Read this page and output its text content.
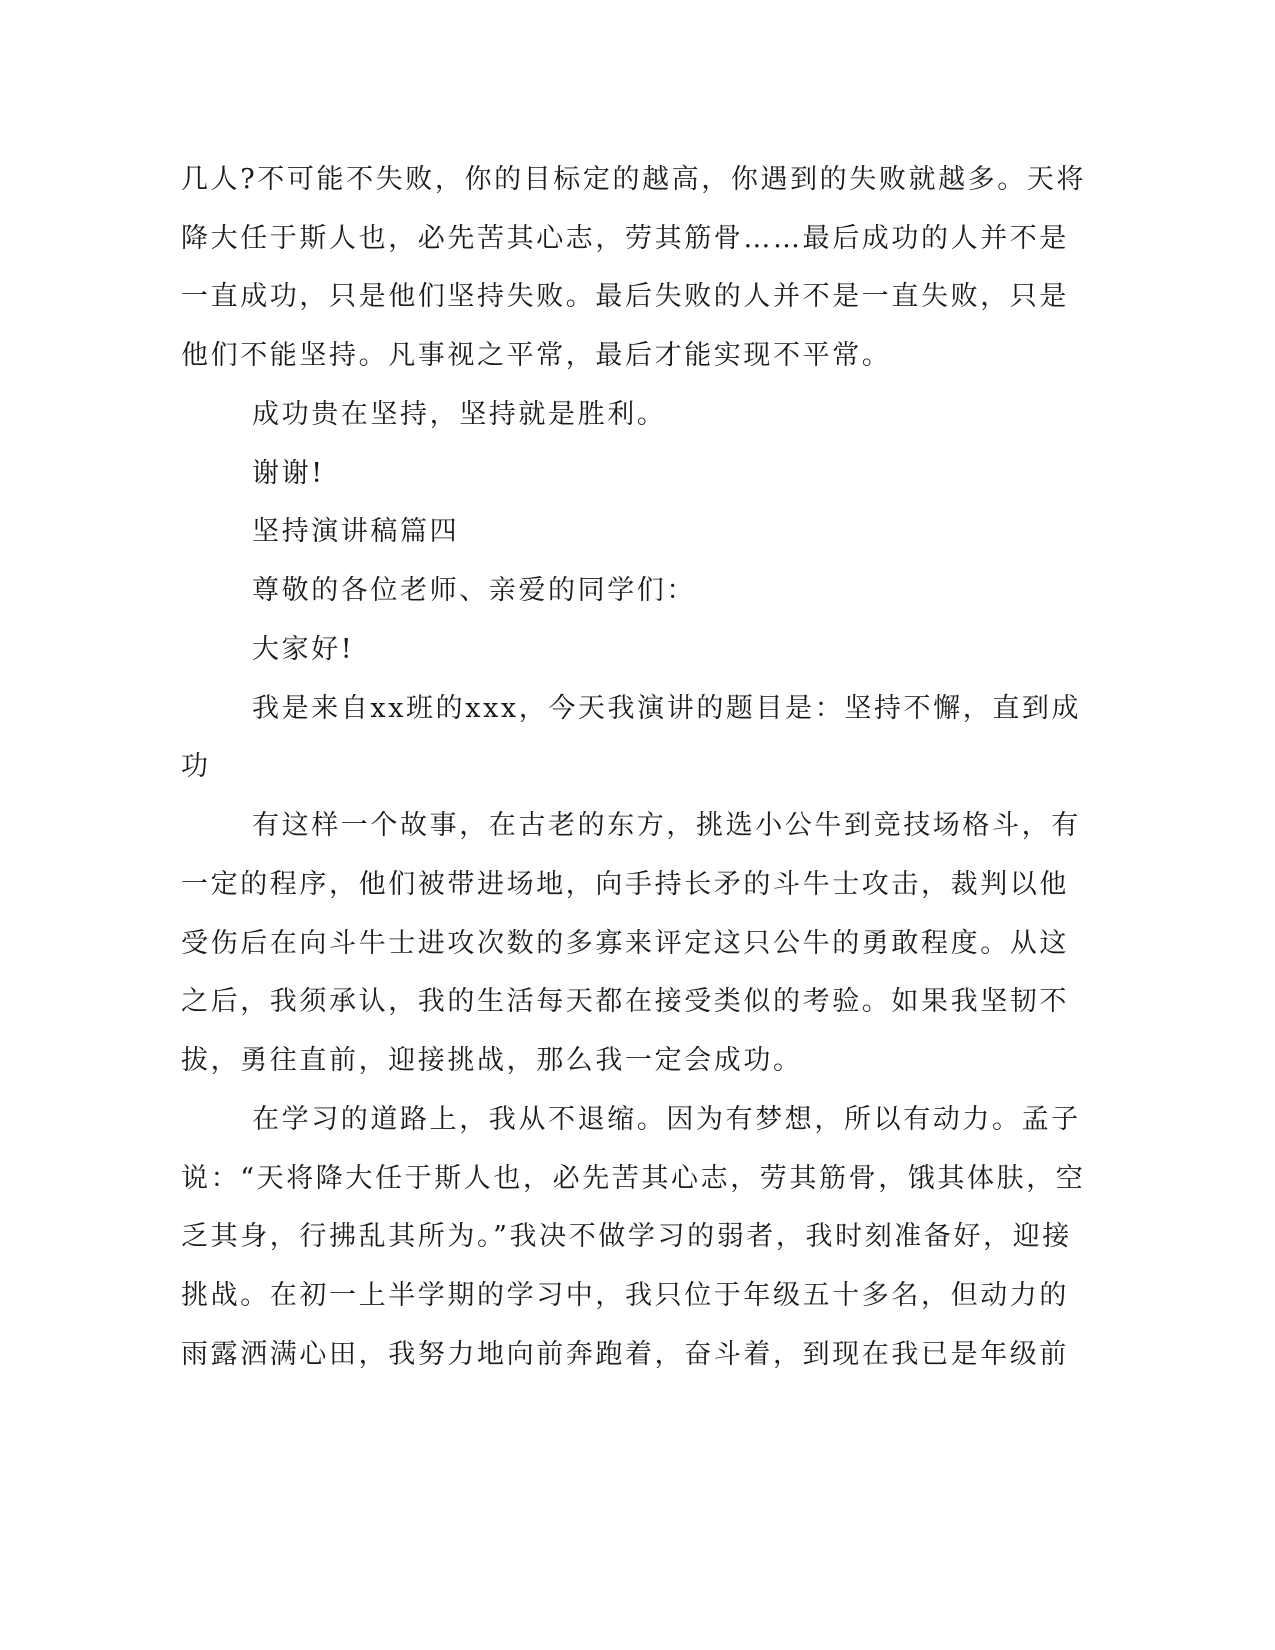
几人?不可能不失败，你的目标定的越高，你遇到的失败就越多。天将
降大任于斯人也，必先苦其心志，劳其筋骨……最后成功的人并不是
一直成功，只是他们坚持失败。最后失败的人并不是一直失败，只是
他们不能坚持。凡事视之平常，最后才能实现不平常。
成功贵在坚持，坚持就是胜利。
谢谢!
坚持演讲稿篇四
尊敬的各位老师、亲爱的同学们：
大家好!
我是来自xx班的xxx，今天我演讲的题目是：坚持不懈，直到成
功
有这样一个故事，在古老的东方，挑选小公牛到竞技场格斗，有
一定的程序，他们被带进场地，向手持长矛的斗牛士攻击，裁判以他
受伤后在向斗牛士进攻次数的多寡来评定这只公牛的勇敢程度。从这
之后，我须承认，我的生活每天都在接受类似的考验。如果我坚韧不
拔，勇往直前，迎接挑战，那么我一定会成功。
在学习的道路上，我从不退缩。因为有梦想，所以有动力。孟子
说：“天将降大任于斯人也，必先苦其心志，劳其筋骨，饿其体肤，空
乏其身，行拂乱其所为。”我决不做学习的弱者，我时刻准备好，迎接
挑战。在初一上半学期的学习中，我只位于年级五十多名，但动力的
雨露洒满心田，我努力地向前奔跑着，奋斗着，到现在我已是年级前
